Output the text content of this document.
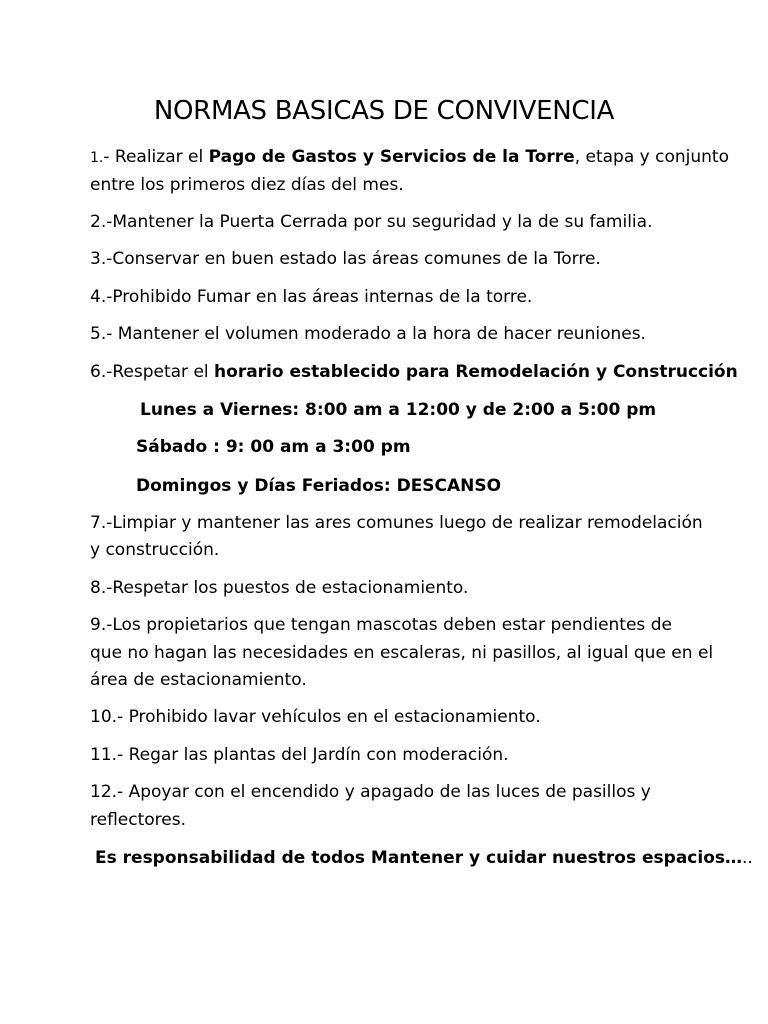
NORMAS BASICAS DE CONVIVENCIA

1.- Realizar el Pago de Gastos y Servicios de la Torre, etapa y conjunto

entre los primeros diez días del mes.

2.-Mantener la Puerta Cerrada por su seguridad y la de su familia.

3.-Conservar en buen estado las áreas comunes de la Torre.

4.-Prohibido Fumar en las áreas internas de la torre.

5.- Mantener el volumen moderado a la hora de hacer reuniones.

6.-Respetar el horario establecido para Remodelación y Construcción

Lunes a Viernes: 8:00 am a 12:00 y de 2:00 a 5:00 pm

Sábado : 9: 00 am a 3:00 pm

Domingos y Días Feriados: DESCANSO

7.-Limpiar y mantener las ares comunes luego de realizar remodelación

y construcción.

8.-Respetar los puestos de estacionamiento.

9.-Los propietarios que tengan mascotas deben estar pendientes de

que no hagan las necesidades en escaleras, ni pasillos, al igual que en el

área de estacionamiento.

10.- Prohibido lavar vehículos en el estacionamiento.

11.- Regar las plantas del Jardín con moderación.

12.- Apoyar con el encendido y apagado de las luces de pasillos y

reflectores.

Es responsabilidad de todos Mantener y cuidar nuestros espacios…..
